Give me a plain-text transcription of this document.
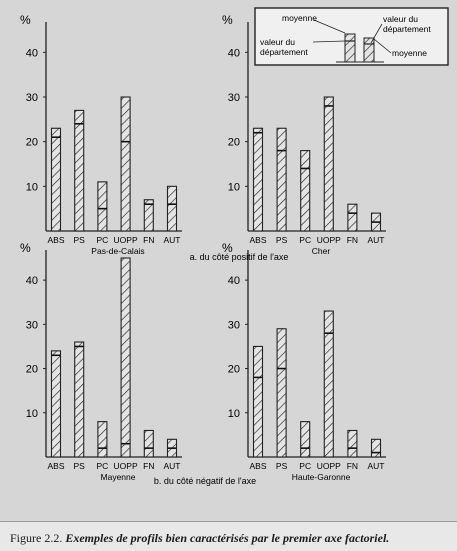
%
10
20
30
40
ABS PS PC UOPP FN AUT
Pas-de-Calais
%
10
20
30
40
ABS PS PC UOPP FN AUT
Cher
%
10
20
30
40
ABS PS PC UOPP FN AUT
Mayenne
%
10
20
30
40
ABS PS PC UOPP FN AUT
Haute-Garonne
a. du côté positif de l'axe
b. du côté négatif de l'axe
moyenne
valeur du département
valeur du département
moyenne
Figure 2.2. Exemples de profils bien caractérisés par le premier axe factoriel.
